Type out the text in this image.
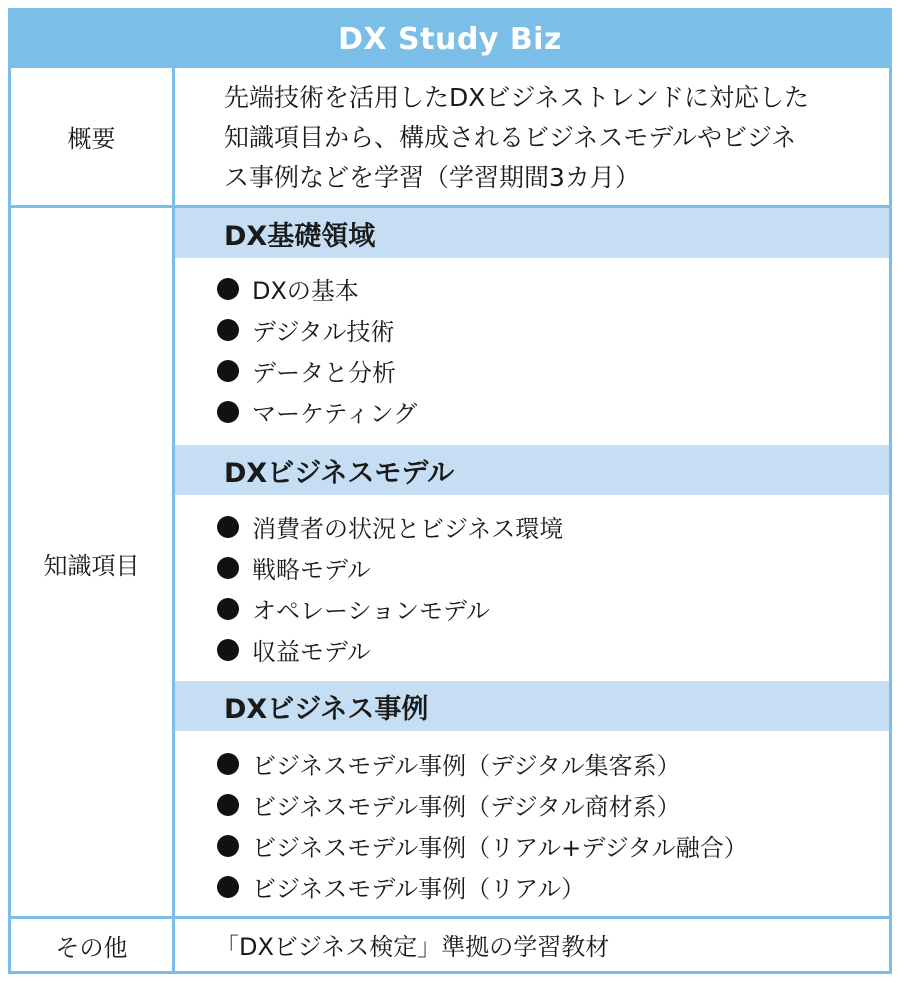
DX Study Biz
概要
先端技術を活用したDXビジネストレンドに対応した
知識項目から、構成されるビジネスモデルやビジネ
ス事例などを学習（学習期間3カ月）
知識項目
DX基礎領域
DXの基本
デジタル技術
データと分析
マーケティング
DXビジネスモデル
消費者の状況とビジネス環境
戦略モデル
オペレーションモデル
収益モデル
DXビジネス事例
ビジネスモデル事例（デジタル集客系）
ビジネスモデル事例（デジタル商材系）
ビジネスモデル事例（リアル+デジタル融合）
ビジネスモデル事例（リアル）
その他	「DXビジネス検定」準拠の学習教材
